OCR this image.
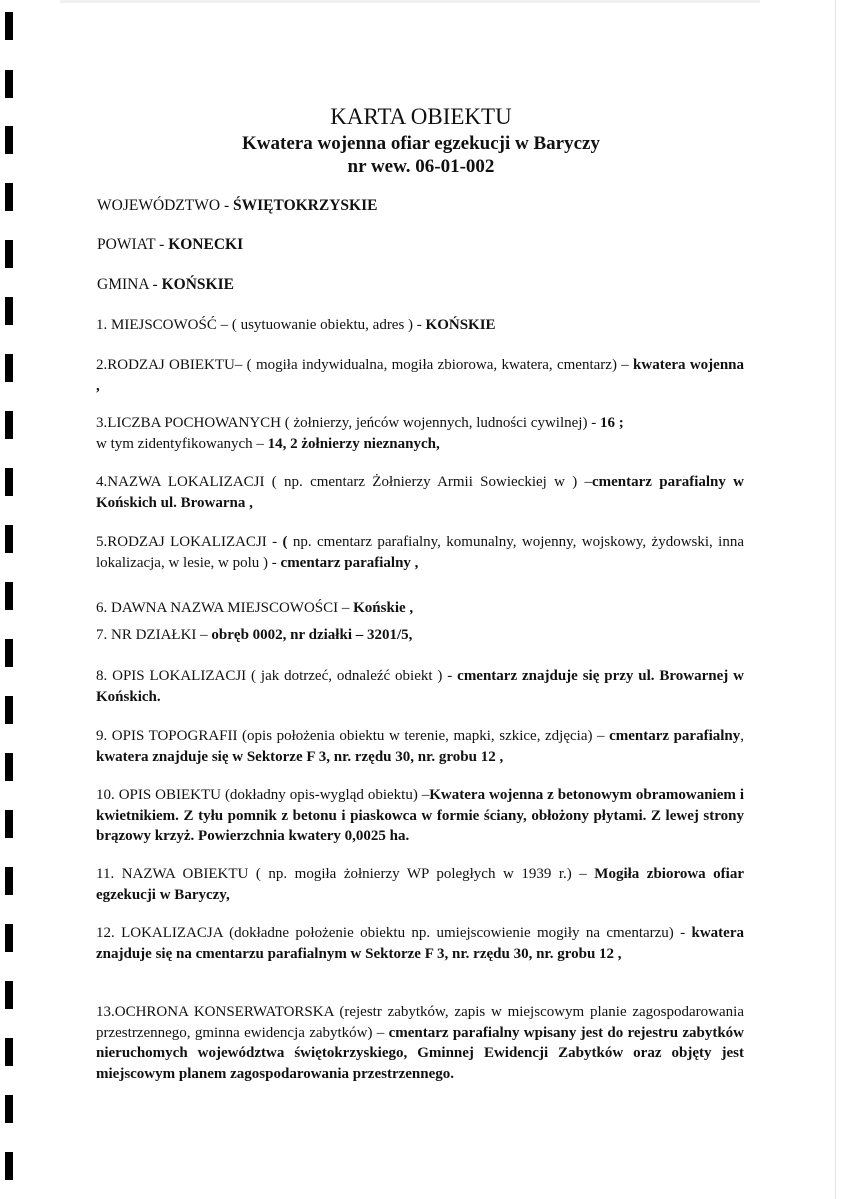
KARTA OBIEKTU
Kwatera wojenna ofiar egzekucji w Baryczy
nr wew. 06-01-002
WOJEWÓDZTWO - ŚWIĘTOKRZYSKIE
POWIAT - KONECKI
GMINA - KOŃSKIE
1. MIEJSCOWOŚĆ – ( usytuowanie obiektu, adres ) - KOŃSKIE
2.RODZAJ OBIEKTU– ( mogiła indywidualna, mogiła zbiorowa, kwatera, cmentarz) – kwatera wojenna ,
3.LICZBA POCHOWANYCH ( żołnierzy, jeńców wojennych, ludności cywilnej) - 16 ;
w tym zidentyfikowanych – 14, 2 żołnierzy nieznanych,
4.NAZWA LOKALIZACJI ( np. cmentarz Żołnierzy Armii Sowieckiej w ) –cmentarz parafialny w Końskich ul. Browarna ,
5.RODZAJ LOKALIZACJI - ( np. cmentarz parafialny, komunalny, wojenny, wojskowy, żydowski, inna lokalizacja, w lesie, w polu ) - cmentarz parafialny ,
6. DAWNA NAZWA MIEJSCOWOŚCI – Końskie ,
7. NR DZIAŁKI – obręb 0002, nr działki – 3201/5,
8. OPIS LOKALIZACJI ( jak dotrzeć, odnaleźć obiekt ) - cmentarz znajduje się przy ul. Browarnej w Końskich.
9. OPIS TOPOGRAFII (opis położenia obiektu w terenie, mapki, szkice, zdjęcia) – cmentarz parafialny, kwatera znajduje się w Sektorze F 3, nr. rzędu 30, nr. grobu 12 ,
10. OPIS OBIEKTU (dokładny opis-wygląd obiektu) –Kwatera wojenna z betonowym obramowaniem i kwietnikiem. Z tyłu pomnik z betonu i piaskowca w formie ściany, obłożony płytami. Z lewej strony brązowy krzyż. Powierzchnia kwatery 0,0025 ha.
11. NAZWA OBIEKTU ( np. mogiła żołnierzy WP poległych w 1939 r.) – Mogiła zbiorowa ofiar egzekucji w Baryczy,
12. LOKALIZACJA (dokładne położenie obiektu np. umiejscowienie mogiły na cmentarzu) - kwatera znajduje się na cmentarzu parafialnym w Sektorze F 3, nr. rzędu 30, nr. grobu 12 ,
13.OCHRONA KONSERWATORSKA (rejestr zabytków, zapis w miejscowym planie zagospodarowania przestrzennego, gminna ewidencja zabytków) – cmentarz parafialny wpisany jest do rejestru zabytków nieruchomych województwa świętokrzyskiego, Gminnej Ewidencji Zabytków oraz objęty jest miejscowym planem zagospodarowania przestrzennego.
